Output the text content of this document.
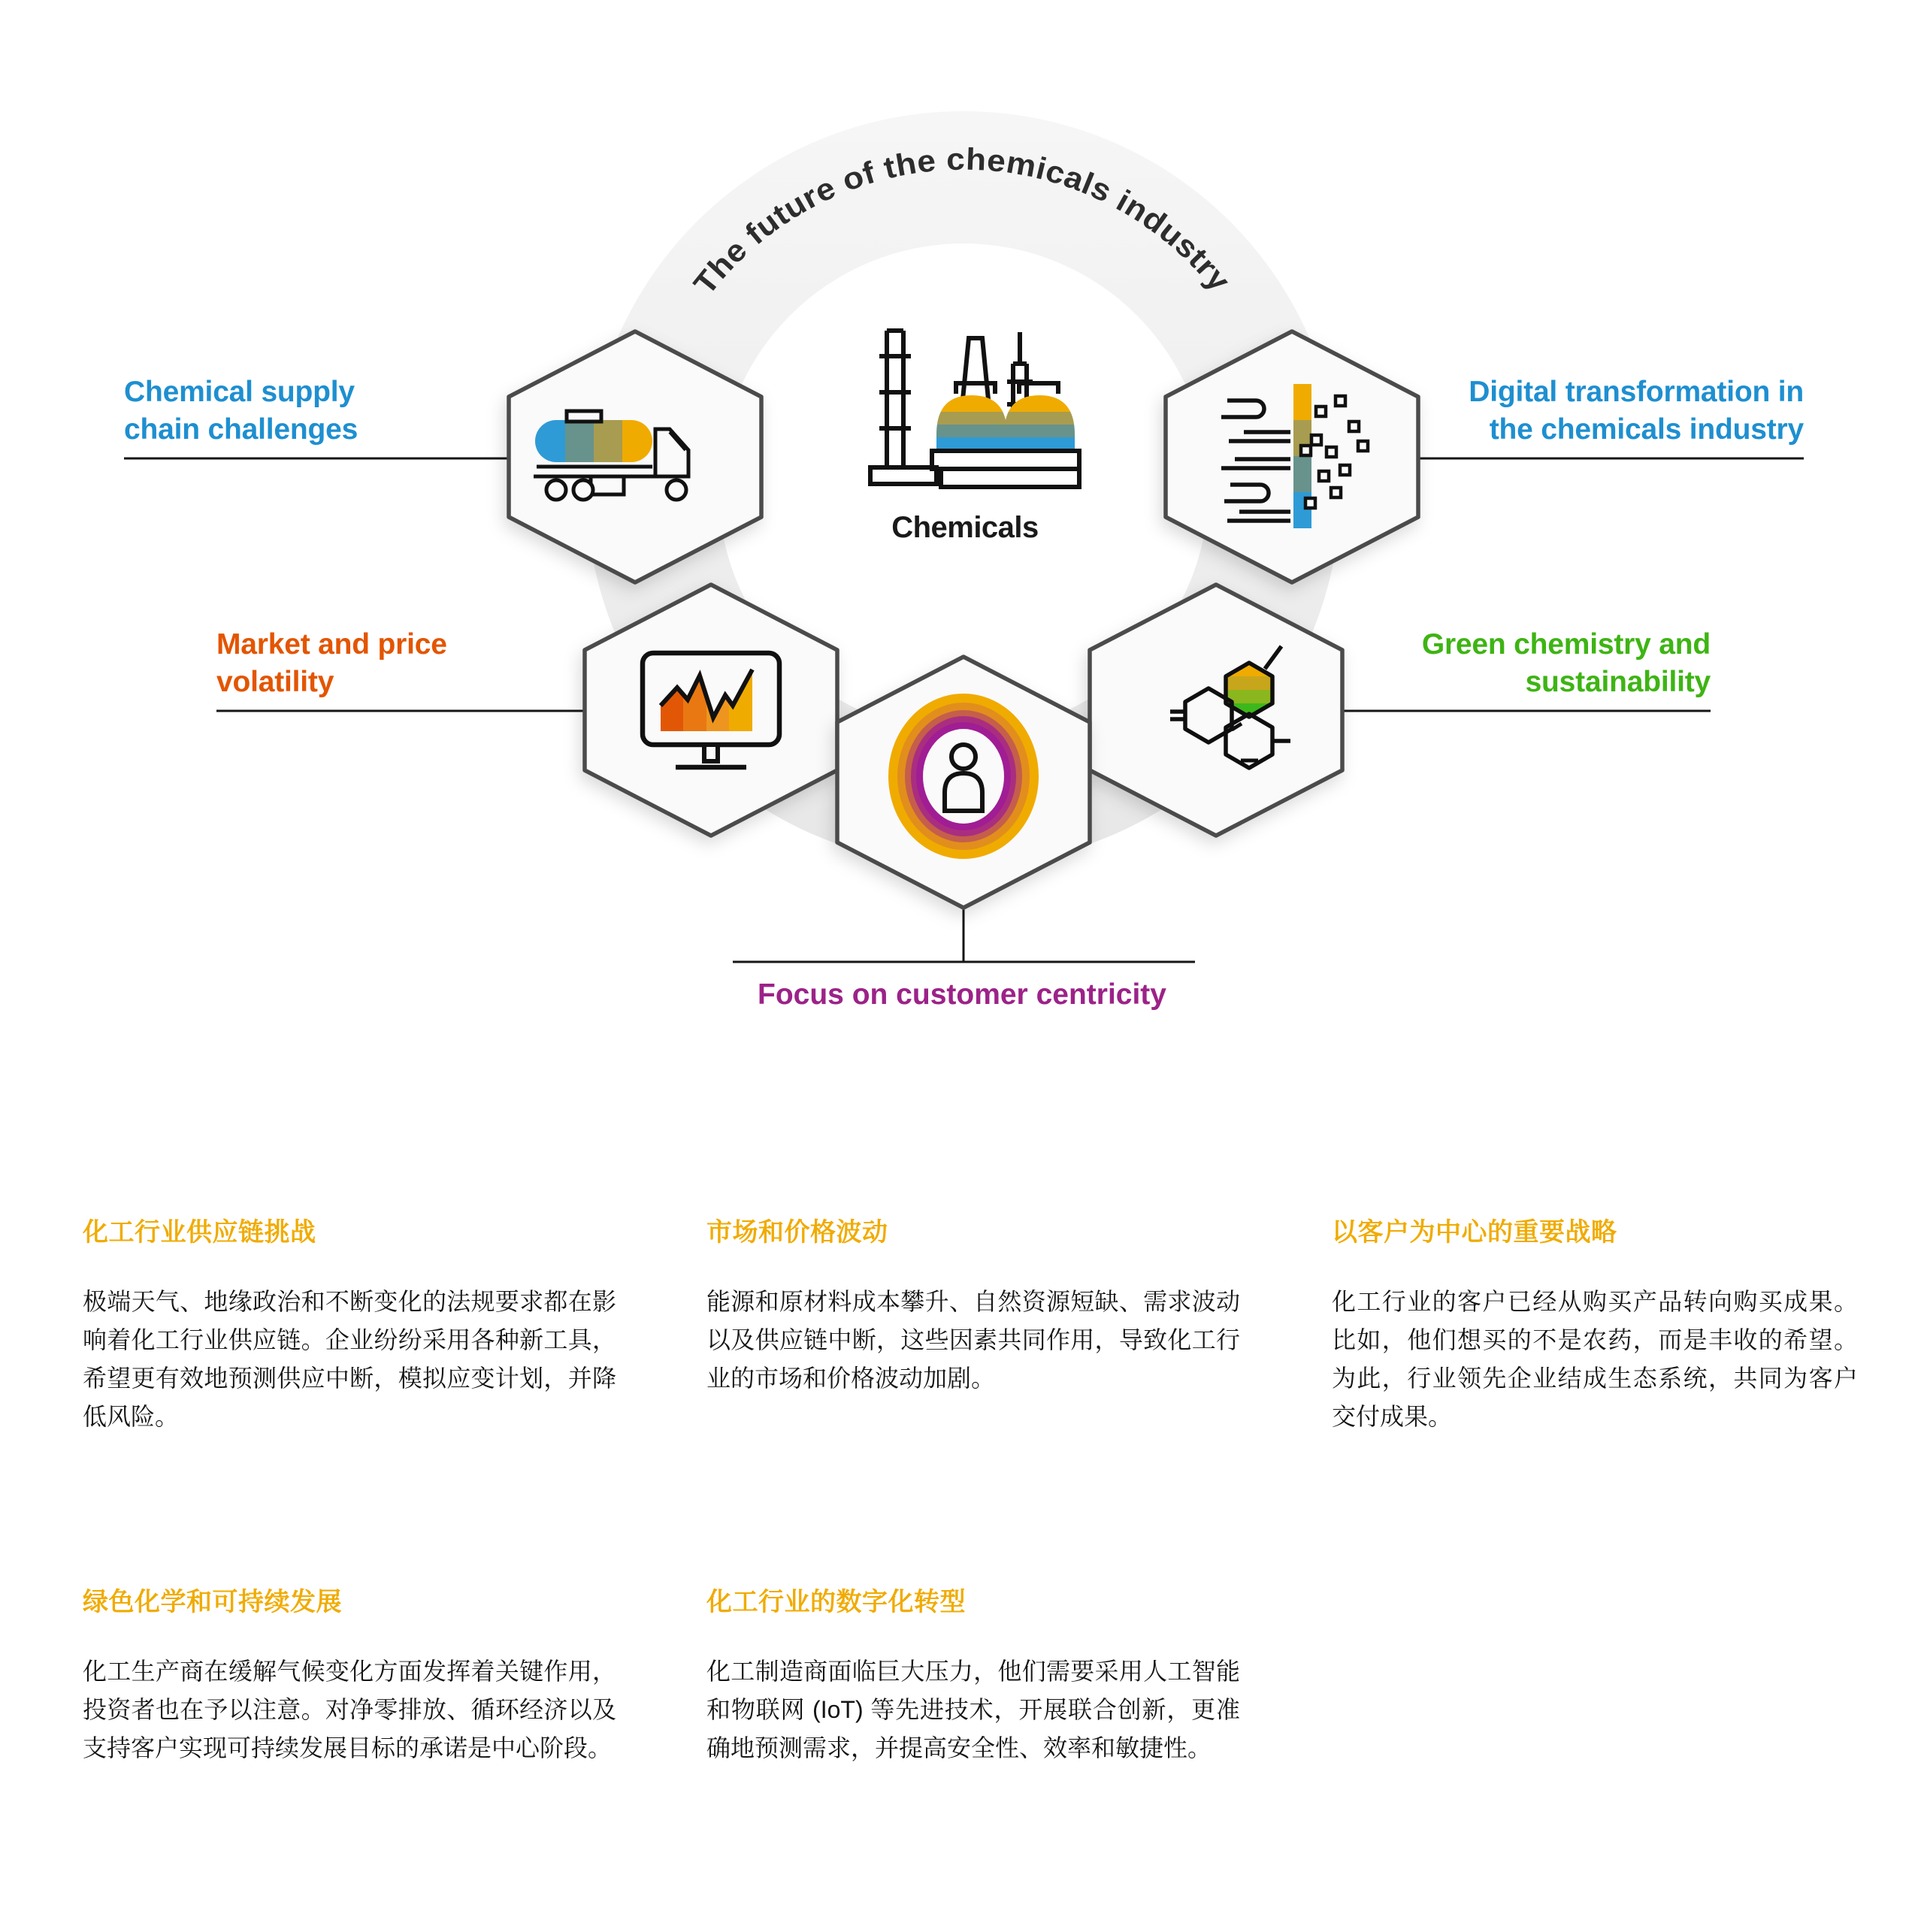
The future of the chemicals industry
Chemical supply
chain challenges
Digital transformation in
the chemicals industry
Market and price
volatility
Green chemistry and
sustainability
Focus on customer centricity
Chemicals
化工行业供应链挑战

极端天气、地缘政治和不断变化的法规要求都在影响着化工行业供应链。企业纷纷采用各种新工具，希望更有效地预测供应中断，模拟应变计划，并降低风险。

市场和价格波动

能源和原材料成本攀升、自然资源短缺、需求波动以及供应链中断，这些因素共同作用，导致化工行业的市场和价格波动加剧。

以客户为中心的重要战略

化工行业的客户已经从购买产品转向购买成果。比如，他们想买的不是农药，而是丰收的希望。为此，行业领先企业结成生态系统，共同为客户交付成果。

绿色化学和可持续发展

化工生产商在缓解气候变化方面发挥着关键作用，投资者也在予以注意。对净零排放、循环经济以及支持客户实现可持续发展目标的承诺是中心阶段。

化工行业的数字化转型

化工制造商面临巨大压力，他们需要采用人工智能和物联网 (IoT) 等先进技术，开展联合创新，更准确地预测需求，并提高安全性、效率和敏捷性。
